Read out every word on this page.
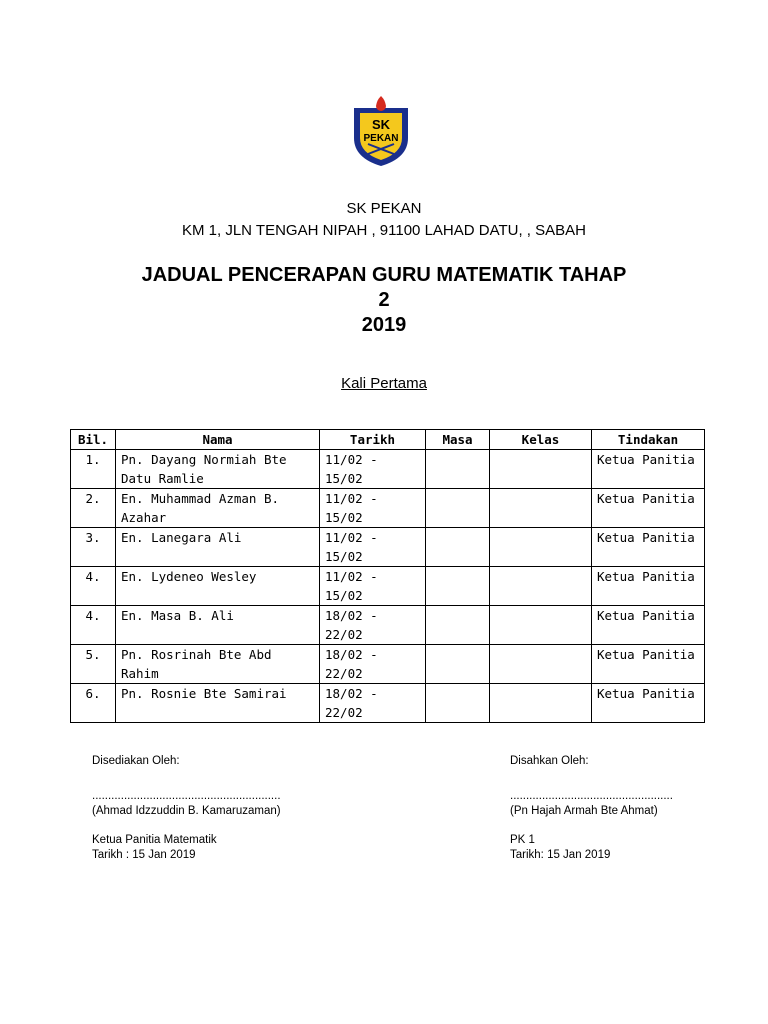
SK
PEKAN
SK PEKAN
KM 1, JLN TENGAH NIPAH , 91100 LAHAD DATU, , SABAH
JADUAL PENCERAPAN GURU MATEMATIK TAHAP
2
2019
Kali Pertama
Bil.	Nama	Tarikh	Masa	Kelas	Tindakan
1.	Pn. Dayang Normiah Bte Datu Ramlie	11/02 - 15/02			Ketua Panitia
2.	En. Muhammad Azman B. Azahar	11/02 - 15/02			Ketua Panitia
3.	En. Lanegara Ali	11/02 - 15/02			Ketua Panitia
4.	En. Lydeneo Wesley	11/02 - 15/02			Ketua Panitia
4.	En. Masa B. Ali	18/02 - 22/02			Ketua Panitia
5.	Pn. Rosrinah Bte Abd Rahim	18/02 - 22/02			Ketua Panitia
6.	Pn. Rosnie Bte Samirai	18/02 - 22/02			Ketua Panitia
Disediakan Oleh:
...........................................................
(Ahmad Idzzuddin B. Kamaruzaman)
Ketua Panitia Matematik
Tarikh : 15 Jan 2019
Disahkan Oleh:
...................................................
(Pn Hajah Armah Bte Ahmat)
PK 1
Tarikh: 15 Jan 2019
